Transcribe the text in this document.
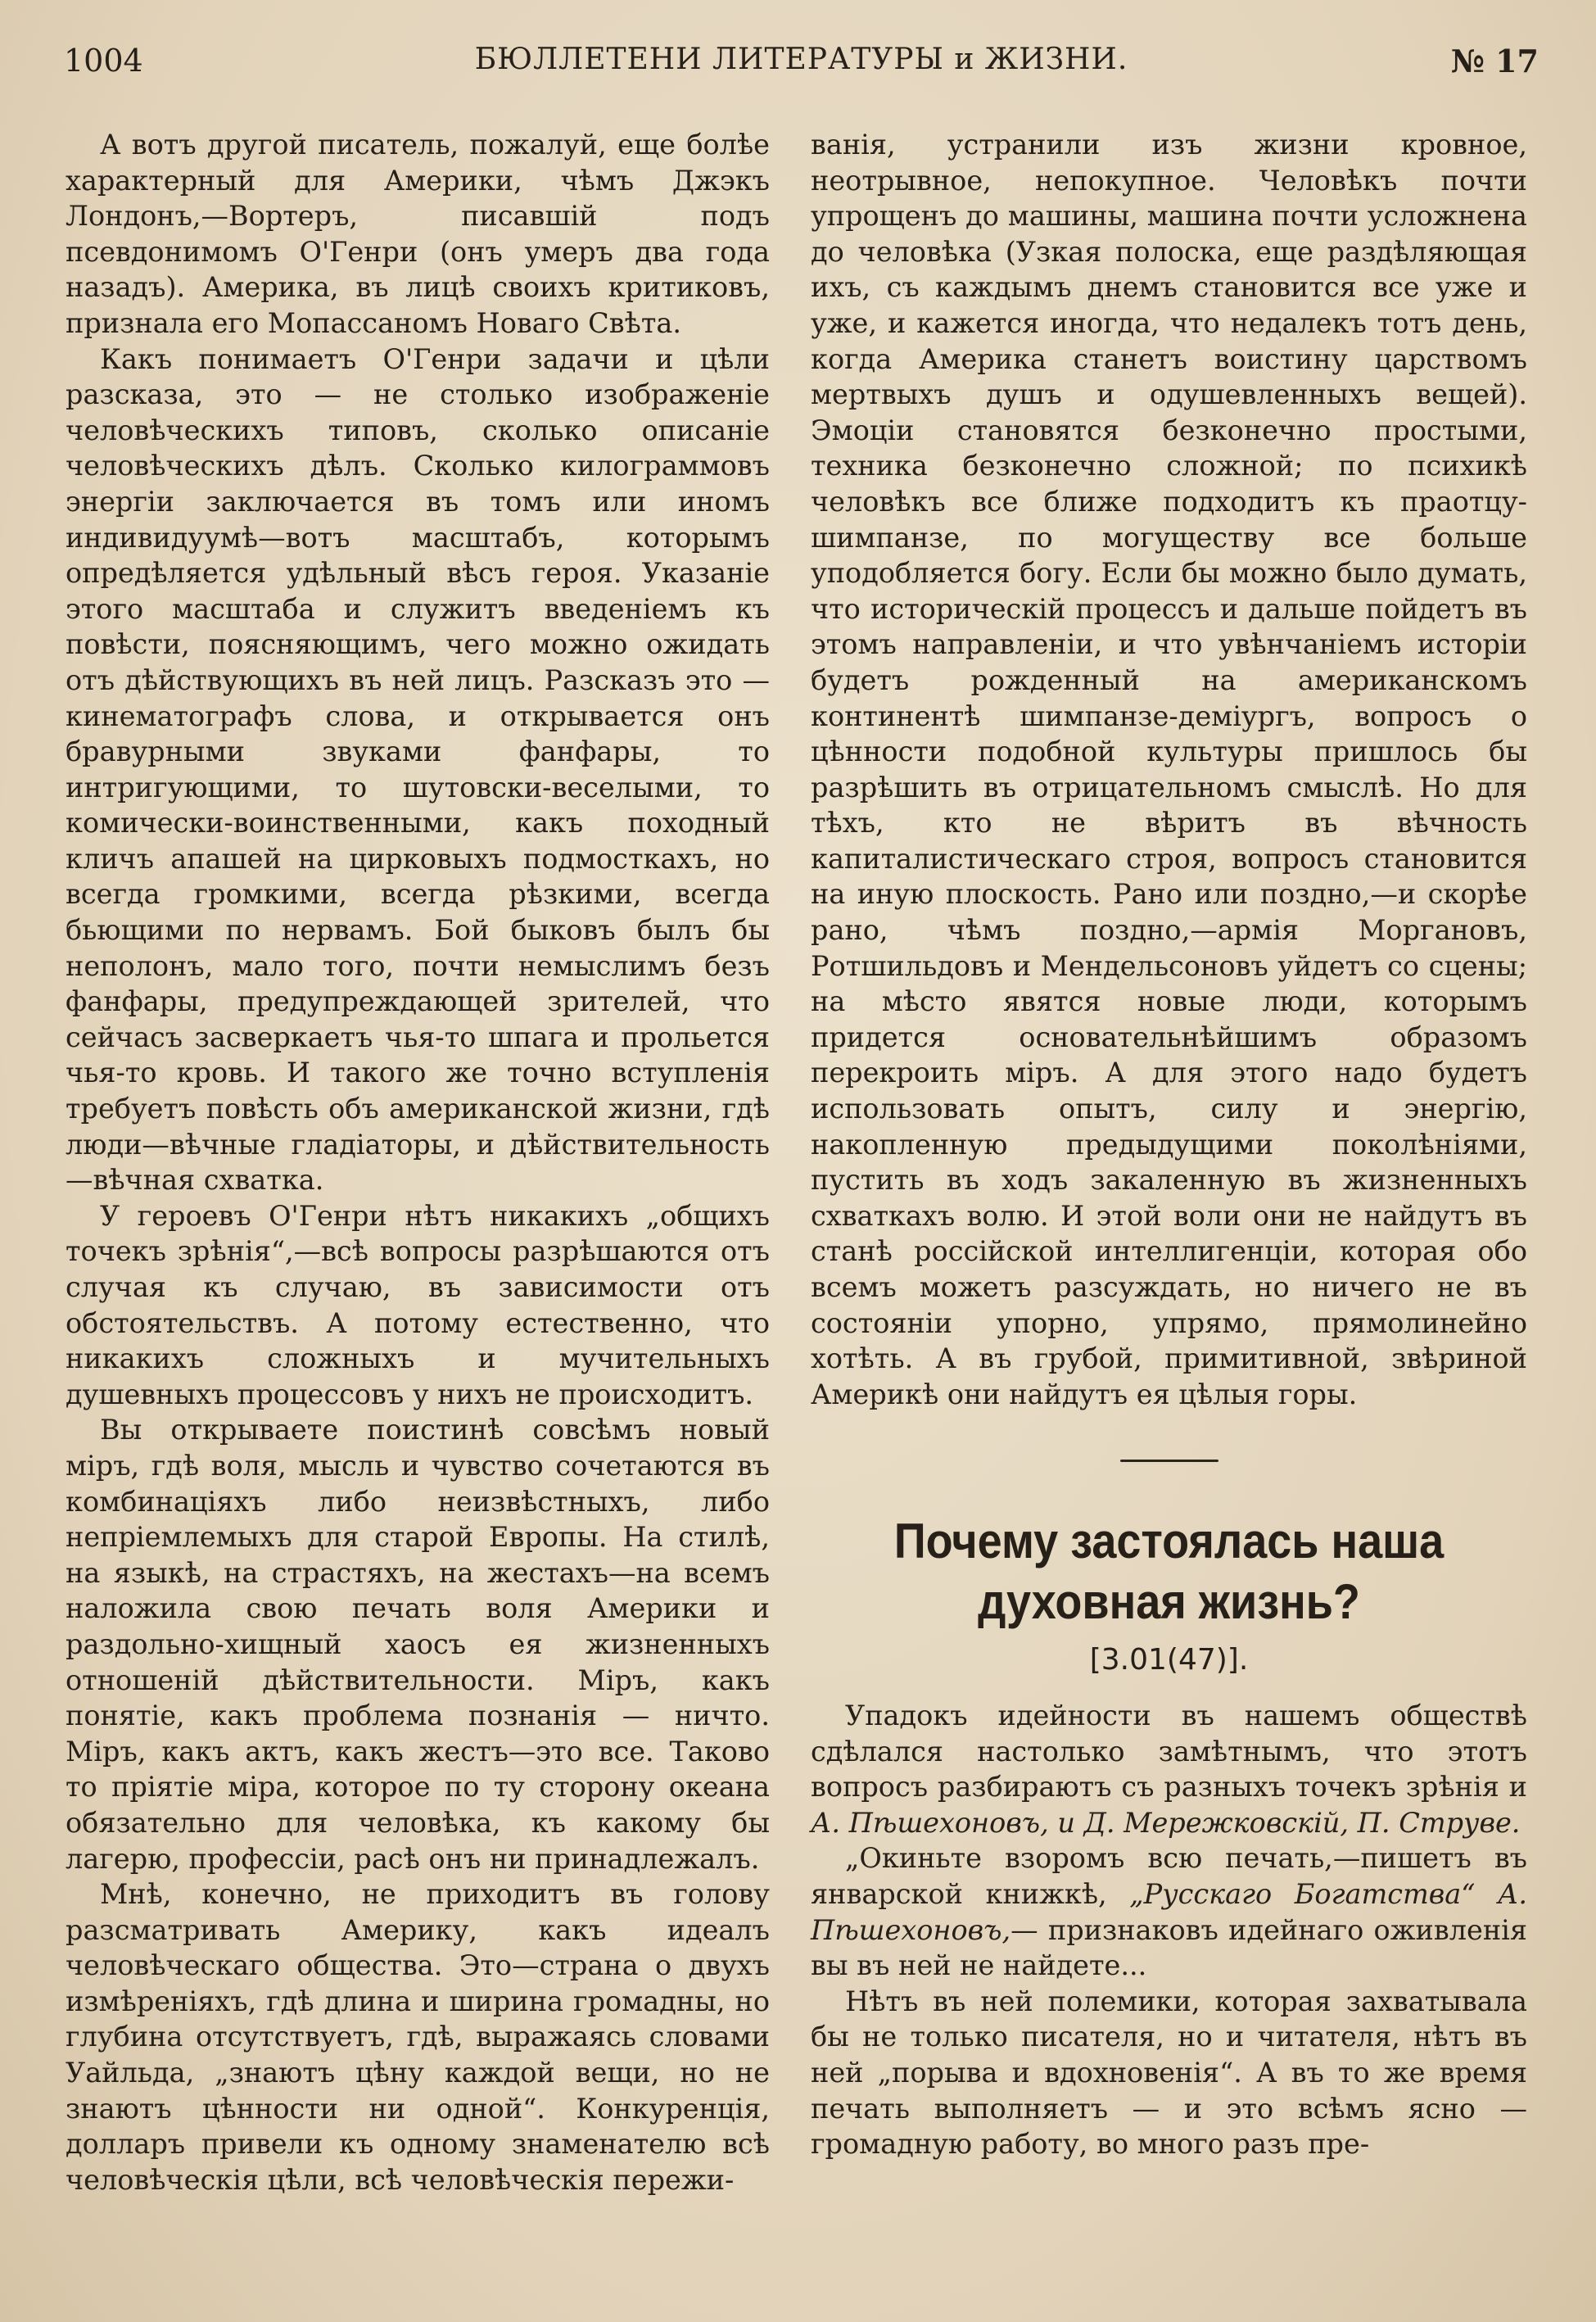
1004	БЮЛЛЕТЕНИ ЛИТЕРАТУРЫ и ЖИЗНИ.	№ 17

А вотъ другой писатель, пожалуй, еще болѣе характерный для Америки, чѣмъ Джэкъ Лондонъ,—Вортеръ, писавшій подъ псевдонимомъ О'Генри (онъ умеръ два года назадъ). Америка, въ лицѣ своихъ критиковъ, признала его Мопассаномъ Новаго Свѣта.

Какъ понимаетъ О'Генри задачи и цѣли разсказа, это — не столько изображеніе человѣческихъ типовъ, сколько описаніе человѣческихъ дѣлъ. Сколько килограммовъ энергіи заключается въ томъ или иномъ индивидуумѣ—вотъ масштабъ, которымъ опредѣляется удѣльный вѣсъ героя. Указаніе этого масштаба и служитъ введеніемъ къ повѣсти, поясняющимъ, чего можно ожидать отъ дѣйствующихъ въ ней лицъ. Разсказъ это — кинематографъ слова, и открывается онъ бравурными звуками фанфары, то интригующими, то шутовски-веселыми, то комически-воинственными, какъ походный кличъ апашей на цирковыхъ подмосткахъ, но всегда громкими, всегда рѣзкими, всегда бьющими по нервамъ. Бой быковъ былъ бы неполонъ, мало того, почти немыслимъ безъ фанфары, предупреждающей зрителей, что сейчасъ засверкаетъ чья-то шпага и прольется чья-то кровь. И такого же точно вступленія требуетъ повѣсть объ американской жизни, гдѣ люди—вѣчные гладіаторы, и дѣйствительность—вѣчная схватка.

У героевъ О'Генри нѣтъ никакихъ „общихъ точекъ зрѣнія“,—всѣ вопросы разрѣшаются отъ случая къ случаю, въ зависимости отъ обстоятельствъ. А потому естественно, что никакихъ сложныхъ и мучительныхъ душевныхъ процессовъ у нихъ не происходитъ.

Вы открываете поистинѣ совсѣмъ новый міръ, гдѣ воля, мысль и чувство сочетаются въ комбинаціяхъ либо неизвѣстныхъ, либо непріемлемыхъ для старой Европы. На стилѣ, на языкѣ, на страстяхъ, на жестахъ—на всемъ наложила свою печать воля Америки и раздольно-хищный хаосъ ея жизненныхъ отношеній дѣйствительности. Міръ, какъ понятіе, какъ проблема познанія — ничто. Міръ, какъ актъ, какъ жестъ—это все. Таково то пріятіе міра, которое по ту сторону океана обязательно для человѣка, къ какому бы лагерю, профессіи, расѣ онъ ни принадлежалъ.

Мнѣ, конечно, не приходитъ въ голову разсматривать Америку, какъ идеалъ человѣческаго общества. Это—страна о двухъ измѣреніяхъ, гдѣ длина и ширина громадны, но глубина отсутствуетъ, гдѣ, выражаясь словами Уайльда, „знаютъ цѣну каждой вещи, но не знаютъ цѣнности ни одной“. Конкуренція, долларъ привели къ одному знаменателю всѣ человѣческія цѣли, всѣ человѣческія пережи-

ванія, устранили изъ жизни кровное, неотрывное, непокупное. Человѣкъ почти упрощенъ до машины, машина почти усложнена до человѣка (Узкая полоска, еще раздѣляющая ихъ, съ каждымъ днемъ становится все уже и уже, и кажется иногда, что недалекъ тотъ день, когда Америка станетъ воистину царствомъ мертвыхъ душъ и одушевленныхъ вещей). Эмоціи становятся безконечно простыми, техника безконечно сложной; по психикѣ человѣкъ все ближе подходитъ къ праотцу-шимпанзе, по могуществу все больше уподобляется богу. Если бы можно было думать, что историческій процессъ и дальше пойдетъ въ этомъ направленіи, и что увѣнчаніемъ исторіи будетъ рожденный на американскомъ континентѣ шимпанзе-деміургъ, вопросъ о цѣнности подобной культуры пришлось бы разрѣшить въ отрицательномъ смыслѣ. Но для тѣхъ, кто не вѣритъ въ вѣчность капиталистическаго строя, вопросъ становится на иную плоскость. Рано или поздно,—и скорѣе рано, чѣмъ поздно,—армія Моргановъ, Ротшильдовъ и Мендельсоновъ уйдетъ со сцены; на мѣсто явятся новые люди, которымъ придется основательнѣйшимъ образомъ перекроить міръ. А для этого надо будетъ использовать опытъ, силу и энергію, накопленную предыдущими поколѣніями, пустить въ ходъ закаленную въ жизненныхъ схваткахъ волю. И этой воли они не найдутъ въ станѣ россійской интеллигенціи, которая обо всемъ можетъ разсуждать, но ничего не въ состояніи упорно, упрямо, прямолинейно хотѣть. А въ грубой, примитивной, звѣриной Америкѣ они найдутъ ея цѣлыя горы.

Почему застоялась наша духовная жизнь?
[3.01(47)].

Упадокъ идейности въ нашемъ обществѣ сдѣлался настолько замѣтнымъ, что этотъ вопросъ разбираютъ съ разныхъ точекъ зрѣнія и А. Пѣшехоновъ, и Д. Мережковскій, П. Струве.

„Окиньте взоромъ всю печать,—пишетъ въ январской книжкѣ, „Русскаго Богатства“ А. Пѣшехоновъ,— признаковъ идейнаго оживленія вы въ ней не найдете...

Нѣтъ въ ней полемики, которая захватывала бы не только писателя, но и читателя, нѣтъ въ ней „порыва и вдохновенія“. А въ то же время печать выполняетъ — и это всѣмъ ясно — громадную работу, во много разъ пре-
